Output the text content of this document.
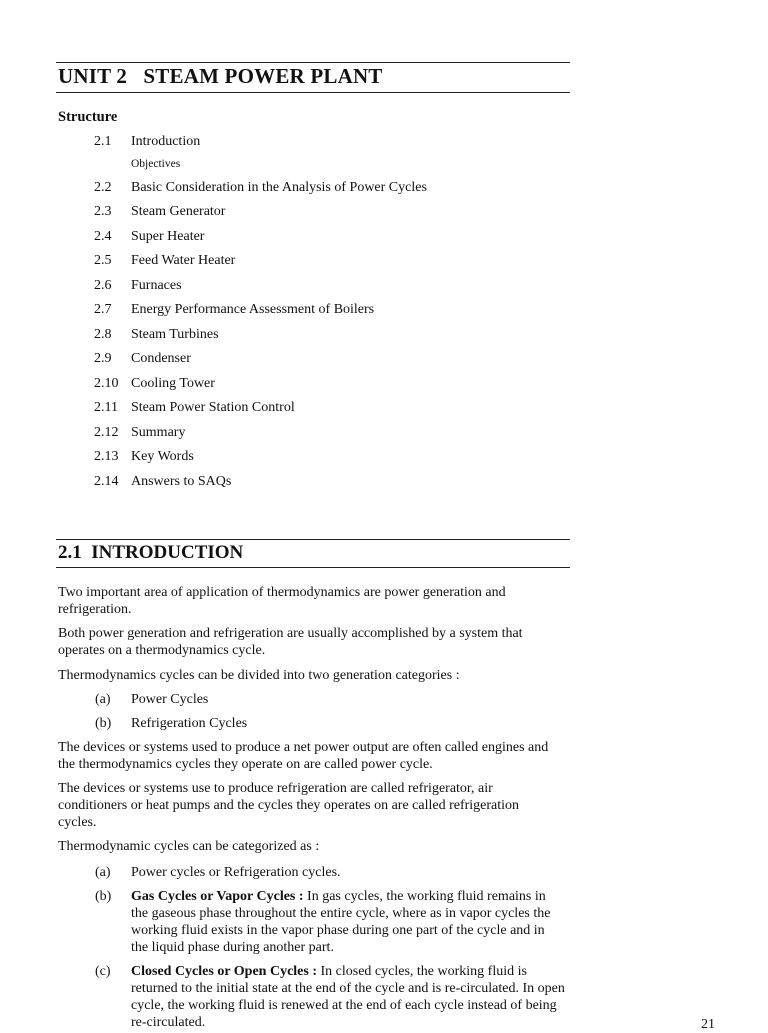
UNIT 2   STEAM POWER PLANT
Structure
2.1 Introduction
Objectives
2.2 Basic Consideration in the Analysis of Power Cycles
2.3 Steam Generator
2.4 Super Heater
2.5 Feed Water Heater
2.6 Furnaces
2.7 Energy Performance Assessment of Boilers
2.8 Steam Turbines
2.9 Condenser
2.10 Cooling Tower
2.11 Steam Power Station Control
2.12 Summary
2.13 Key Words
2.14 Answers to SAQs
2.1  INTRODUCTION

Two important area of application of thermodynamics are power generation and refrigeration.

Both power generation and refrigeration are usually accomplished by a system that operates on a thermodynamics cycle.

Thermodynamics cycles can be divided into two generation categories :

(a) Power Cycles
(b) Refrigeration Cycles

The devices or systems used to produce a net power output are often called engines and the thermodynamics cycles they operate on are called power cycle.

The devices or systems use to produce refrigeration are called refrigerator, air conditioners or heat pumps and the cycles they operates on are called refrigeration cycles.

Thermodynamic cycles can be categorized as :

(a) Power cycles or Refrigeration cycles.
(b) Gas Cycles or Vapor Cycles : In gas cycles, the working fluid remains in the gaseous phase throughout the entire cycle, where as in vapor cycles the working fluid exists in the vapor phase during one part of the cycle and in the liquid phase during another part.
(c) Closed Cycles or Open Cycles : In closed cycles, the working fluid is returned to the initial state at the end of the cycle and is re-circulated. In open cycle, the working fluid is renewed at the end of each cycle instead of being re-circulated.	21
